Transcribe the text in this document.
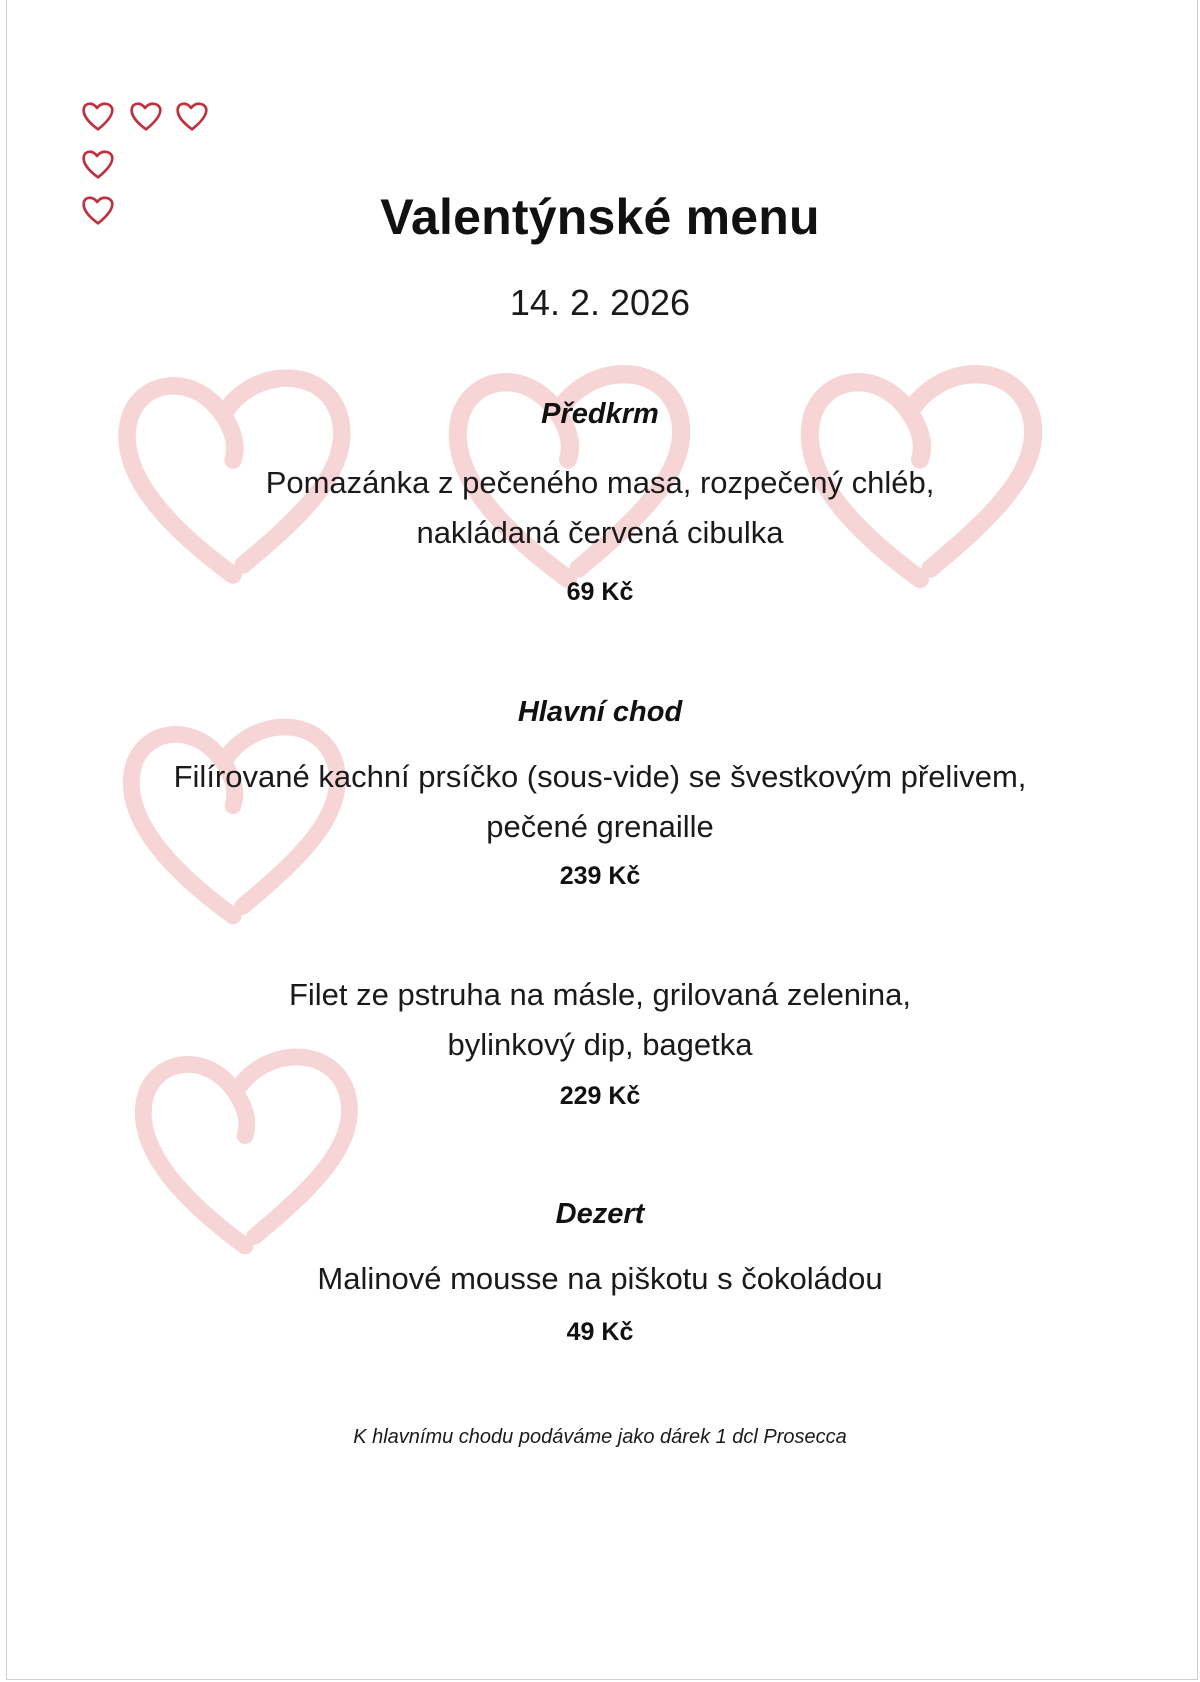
Valentýnské menu
14. 2. 2026
Předkrm
Pomazánka z pečeného masa, rozpečený chléb,
nakládaná červená cibulka
69 Kč
Hlavní chod
Filírované kachní prsíčko (sous-vide) se švestkovým přelivem,
pečené grenaille
239 Kč
Filet ze pstruha na másle, grilovaná zelenina,
bylinkový dip, bagetka
229 Kč
Dezert
Malinové mousse na piškotu s čokoládou
49 Kč
K hlavnímu chodu podáváme jako dárek 1 dcl Prosecca
